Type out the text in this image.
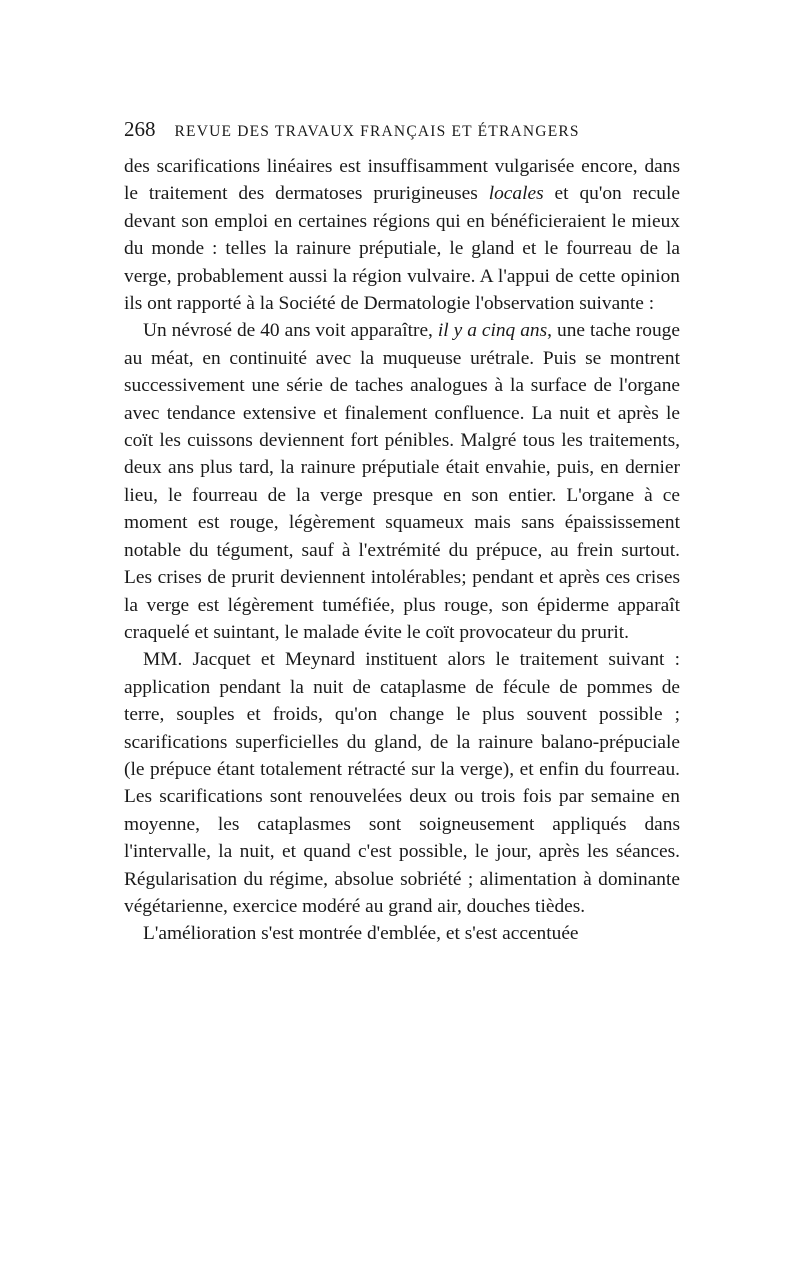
268 REVUE DES TRAVAUX FRANÇAIS ET ÉTRANGERS

des scarifications linéaires est insuffisamment vulgarisée encore, dans le traitement des dermatoses prurigineuses locales et qu'on recule devant son emploi en certaines régions qui en bénéficieraient le mieux du monde : telles la rainure préputiale, le gland et le fourreau de la verge, probablement aussi la région vulvaire. A l'appui de cette opinion ils ont rapporté à la Société de Dermatologie l'observation suivante :

Un névrosé de 40 ans voit apparaître, il y a cinq ans, une tache rouge au méat, en continuité avec la muqueuse urétrale. Puis se montrent successivement une série de taches analogues à la surface de l'organe avec tendance extensive et finalement confluence. La nuit et après le coït les cuissons deviennent fort pénibles. Malgré tous les traitements, deux ans plus tard, la rainure préputiale était envahie, puis, en dernier lieu, le fourreau de la verge presque en son entier. L'organe à ce moment est rouge, légèrement squameux mais sans épaississement notable du tégument, sauf à l'extrémité du prépuce, au frein surtout. Les crises de prurit deviennent intolérables; pendant et après ces crises la verge est légèrement tuméfiée, plus rouge, son épiderme apparaît craquelé et suintant, le malade évite le coït provocateur du prurit.

MM. Jacquet et Meynard instituent alors le traitement suivant : application pendant la nuit de cataplasme de fécule de pommes de terre, souples et froids, qu'on change le plus souvent possible ; scarifications superficielles du gland, de la rainure balano-prépuciale (le prépuce étant totalement rétracté sur la verge), et enfin du fourreau. Les scarifications sont renouvelées deux ou trois fois par semaine en moyenne, les cataplasmes sont soigneusement appliqués dans l'intervalle, la nuit, et quand c'est possible, le jour, après les séances. Régularisation du régime, absolue sobriété ; alimentation à dominante végétarienne, exercice modéré au grand air, douches tièdes.

L'amélioration s'est montrée d'emblée, et s'est accentuée
